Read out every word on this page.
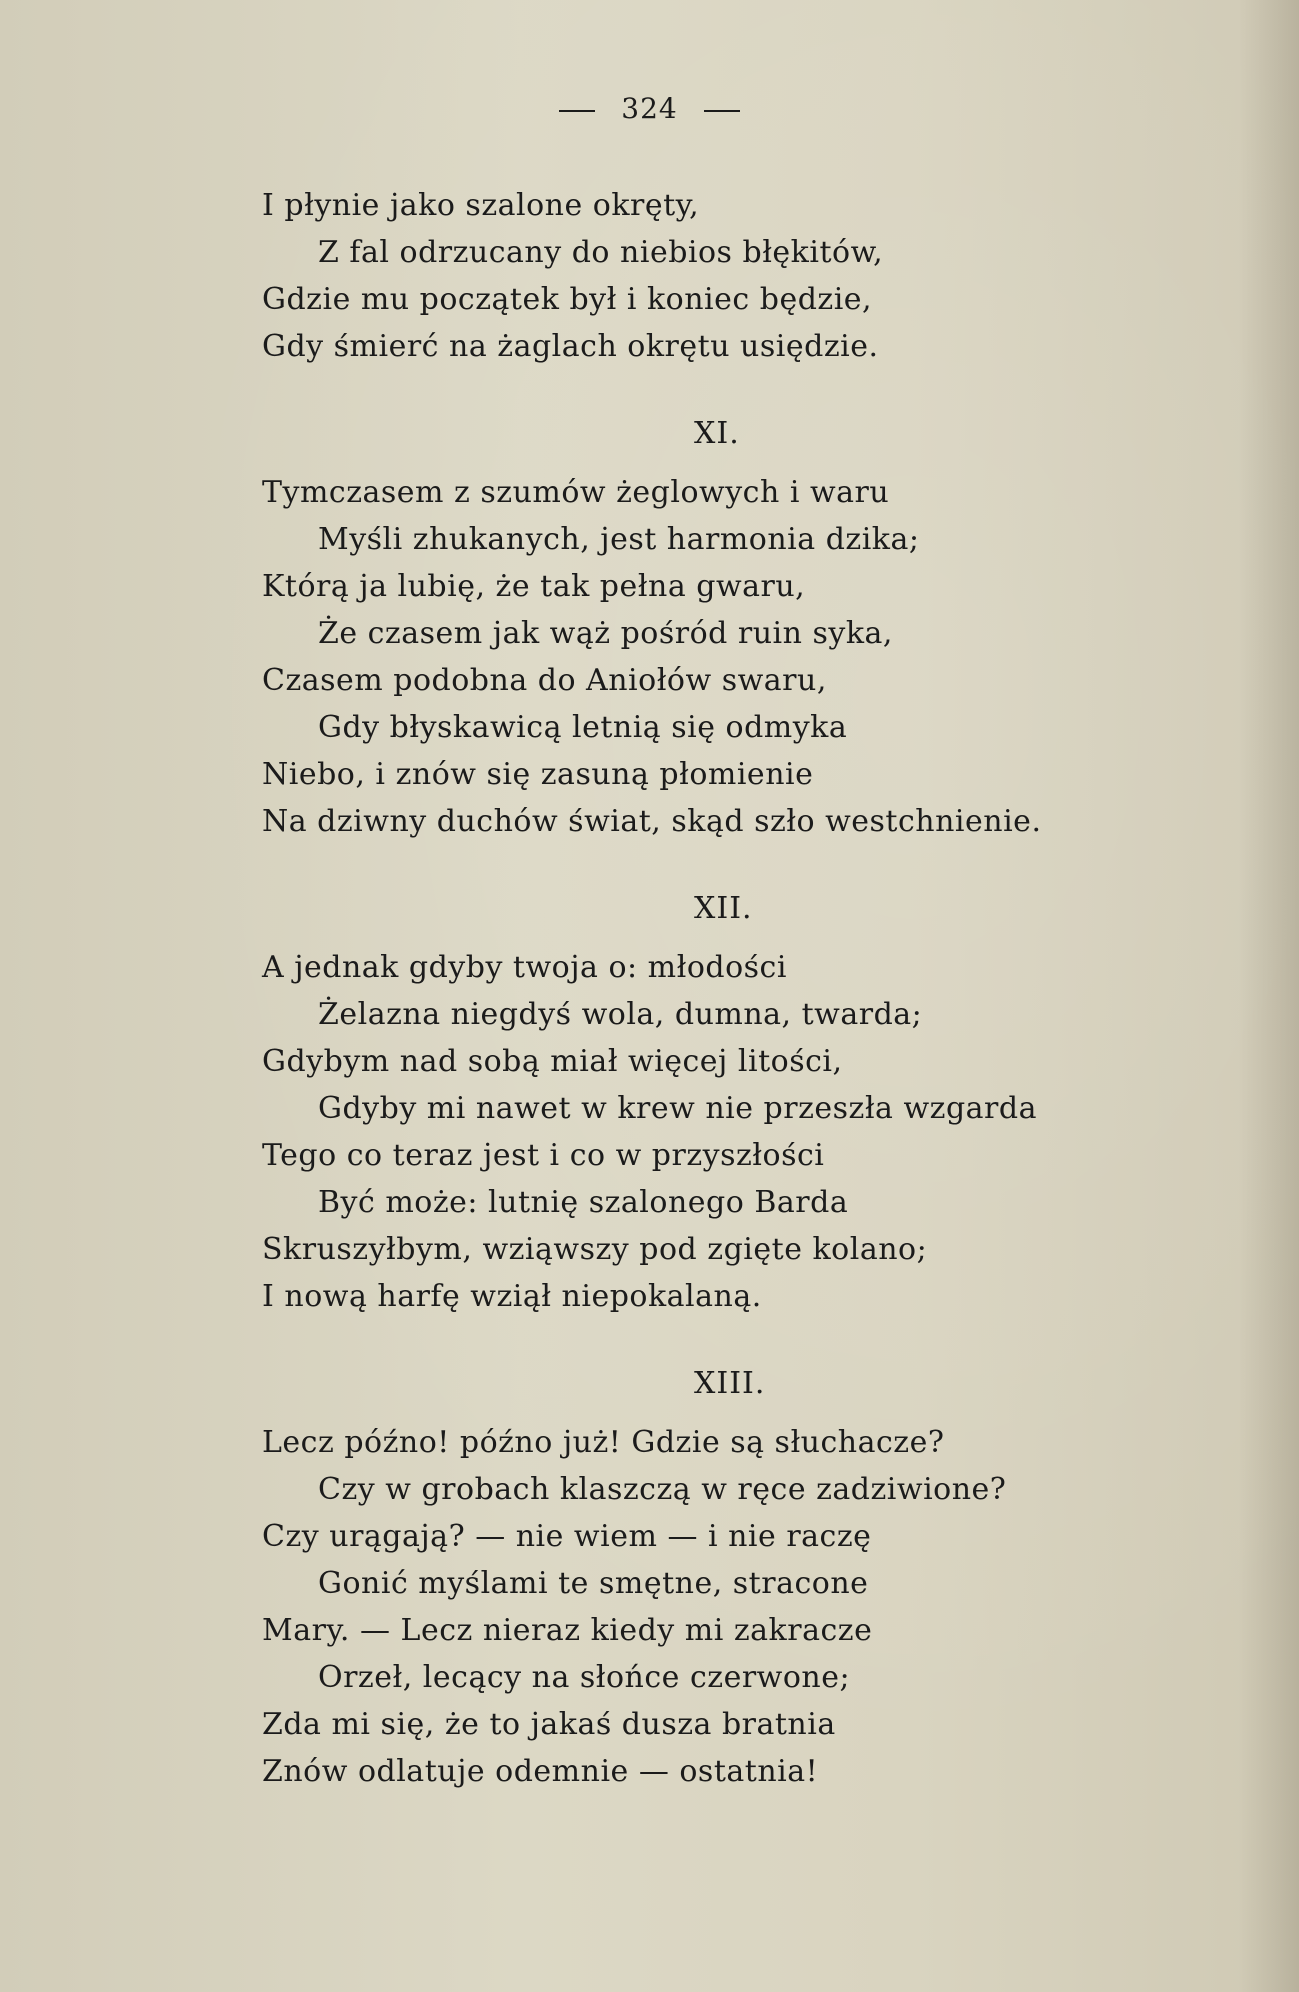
324
I płynie jako szalone okręty,
Z fal odrzucany do niebios błękitów,
Gdzie mu początek był i koniec będzie,
Gdy śmierć na żaglach okrętu usiędzie.
XI.
Tymczasem z szumów żeglowych i waru
Myśli zhukanych, jest harmonia dzika;
Którą ja lubię, że tak pełna gwaru,
Że czasem jak wąż pośród ruin syka,
Czasem podobna do Aniołów swaru,
Gdy błyskawicą letnią się odmyka
Niebo, i znów się zasuną płomienie
Na dziwny duchów świat, skąd szło westchnienie.
XII.
A jednak gdyby twoja o: młodości
Żelazna niegdyś wola, dumna, twarda;
Gdybym nad sobą miał więcej litości,
Gdyby mi nawet w krew nie przeszła wzgarda
Tego co teraz jest i co w przyszłości
Być może: lutnię szalonego Barda
Skruszyłbym, wziąwszy pod zgięte kolano;
I nową harfę wziął niepokalaną.
XIII.
Lecz późno! późno już! Gdzie są słuchacze?
Czy w grobach klaszczą w ręce zadziwione?
Czy urągają? — nie wiem — i nie raczę
Gonić myślami te smętne, stracone
Mary. — Lecz nieraz kiedy mi zakracze
Orzeł, lecący na słońce czerwone;
Zda mi się, że to jakaś dusza bratnia
Znów odlatuje odemnie — ostatnia!
